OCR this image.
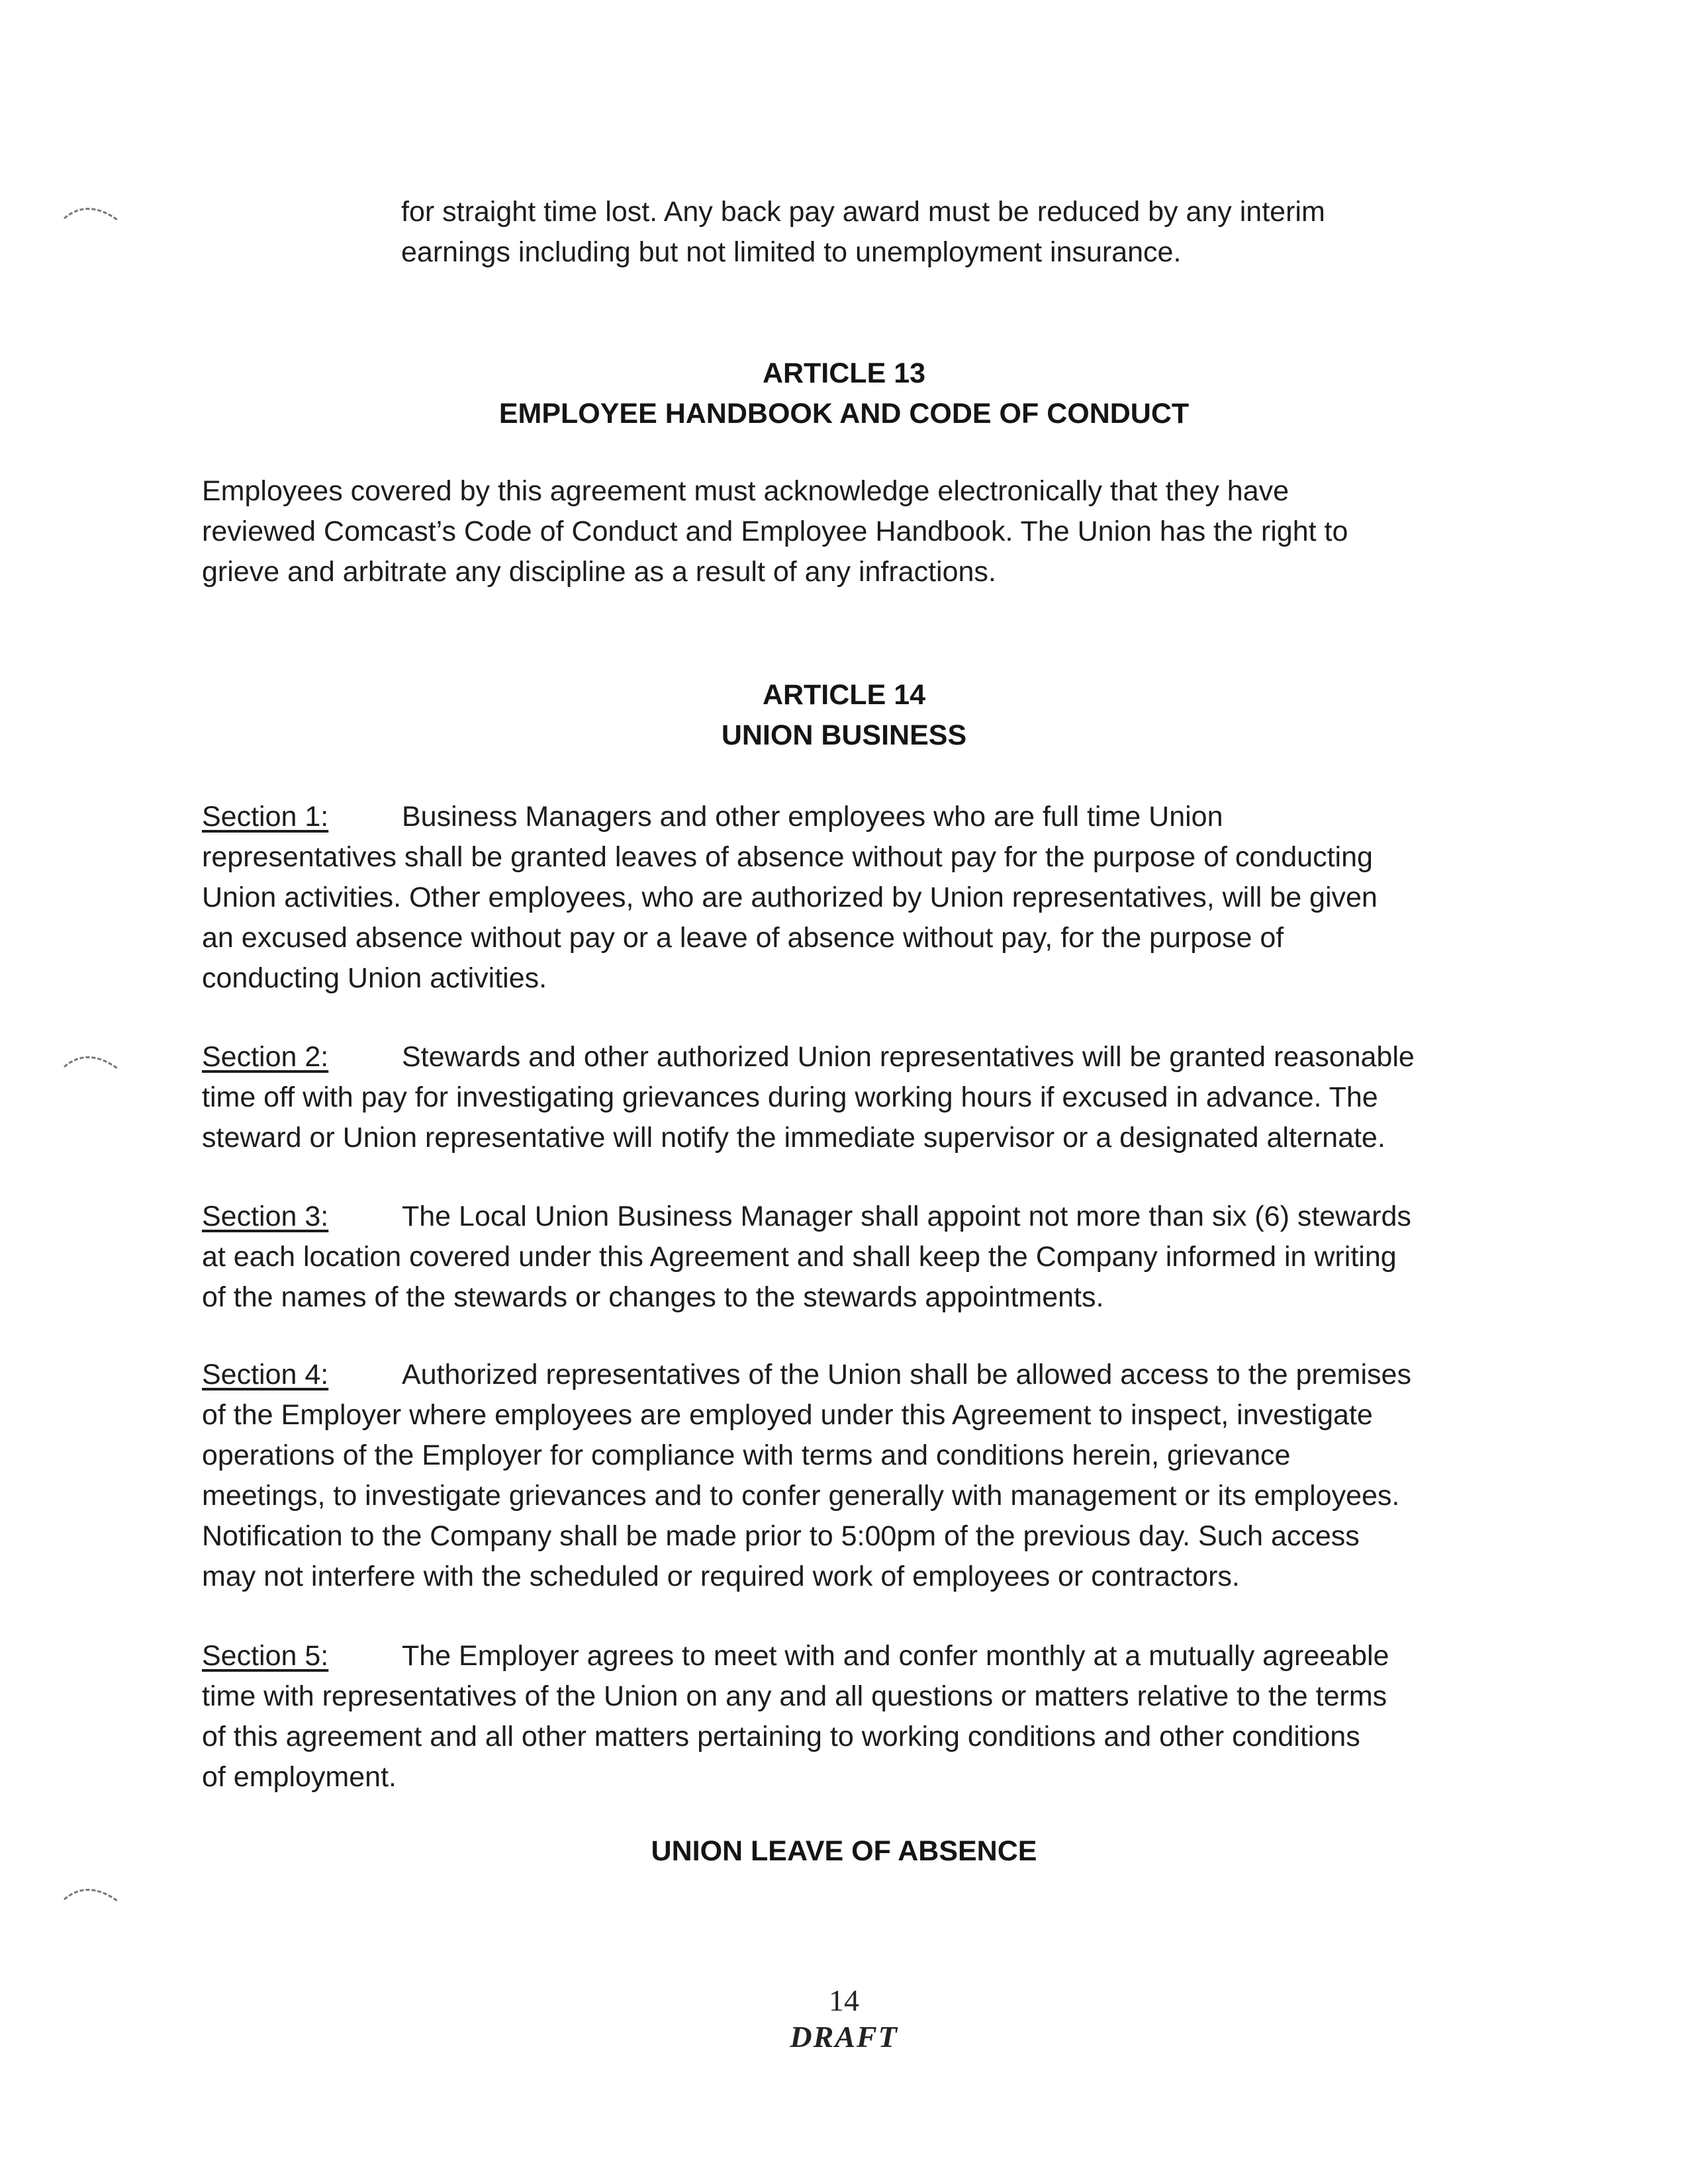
for straight time lost. Any back pay award must be reduced by any interim
earnings including but not limited to unemployment insurance.
ARTICLE 13
EMPLOYEE HANDBOOK AND CODE OF CONDUCT
Employees covered by this agreement must acknowledge electronically that they have
reviewed Comcast’s Code of Conduct and Employee Handbook. The Union has the right to
grieve and arbitrate any discipline as a result of any infractions.
ARTICLE 14
UNION BUSINESS
Section 1:	Business Managers and other employees who are full time Union
representatives shall be granted leaves of absence without pay for the purpose of conducting
Union activities. Other employees, who are authorized by Union representatives, will be given
an excused absence without pay or a leave of absence without pay, for the purpose of
conducting Union activities.
Section 2:	Stewards and other authorized Union representatives will be granted reasonable
time off with pay for investigating grievances during working hours if excused in advance. The
steward or Union representative will notify the immediate supervisor or a designated alternate.
Section 3:	The Local Union Business Manager shall appoint not more than six (6) stewards
at each location covered under this Agreement and shall keep the Company informed in writing
of the names of the stewards or changes to the stewards appointments.
Section 4:	Authorized representatives of the Union shall be allowed access to the premises
of the Employer where employees are employed under this Agreement to inspect, investigate
operations of the Employer for compliance with terms and conditions herein, grievance
meetings, to investigate grievances and to confer generally with management or its employees.
Notification to the Company shall be made prior to 5:00pm of the previous day. Such access
may not interfere with the scheduled or required work of employees or contractors.
Section 5:	The Employer agrees to meet with and confer monthly at a mutually agreeable
time with representatives of the Union on any and all questions or matters relative to the terms
of this agreement and all other matters pertaining to working conditions and other conditions
of employment.
UNION LEAVE OF ABSENCE
14
DRAFT
